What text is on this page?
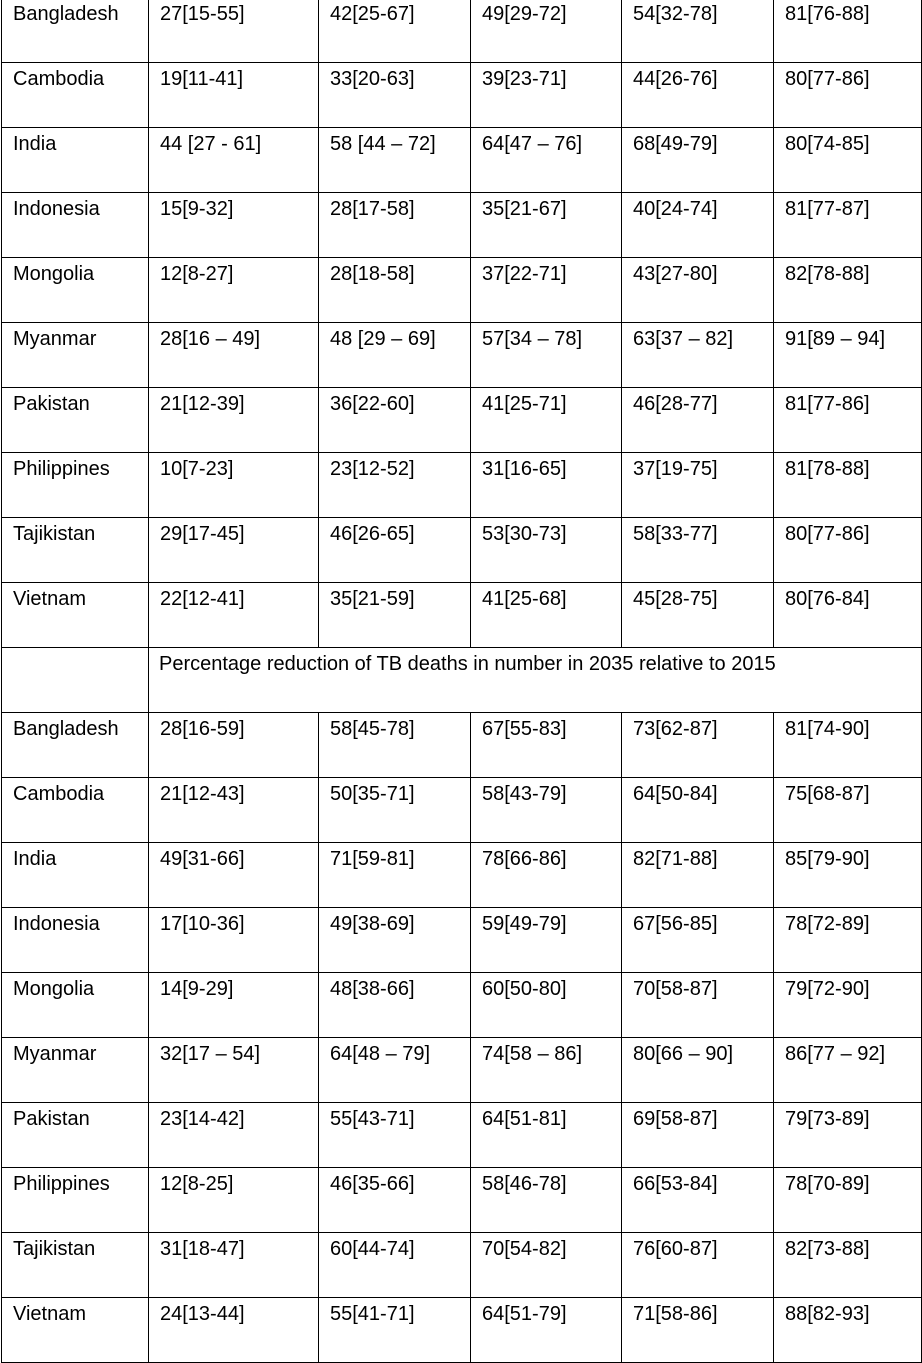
Bangladesh	27[15-55]	42[25-67]	49[29-72]	54[32-78]	81[76-88]
Cambodia	19[11-41]	33[20-63]	39[23-71]	44[26-76]	80[77-86]
India	44 [27 - 61]	58 [44 – 72]	64[47 – 76]	68[49-79]	80[74-85]
Indonesia	15[9-32]	28[17-58]	35[21-67]	40[24-74]	81[77-87]
Mongolia	12[8-27]	28[18-58]	37[22-71]	43[27-80]	82[78-88]
Myanmar	28[16 – 49]	48 [29 – 69]	57[34 – 78]	63[37 – 82]	91[89 – 94]
Pakistan	21[12-39]	36[22-60]	41[25-71]	46[28-77]	81[77-86]
Philippines	10[7-23]	23[12-52]	31[16-65]	37[19-75]	81[78-88]
Tajikistan	29[17-45]	46[26-65]	53[30-73]	58[33-77]	80[77-86]
Vietnam	22[12-41]	35[21-59]	41[25-68]	45[28-75]	80[76-84]
	Percentage reduction of TB deaths in number in 2035 relative to 2015				
Bangladesh	28[16-59]	58[45-78]	67[55-83]	73[62-87]	81[74-90]
Cambodia	21[12-43]	50[35-71]	58[43-79]	64[50-84]	75[68-87]
India	49[31-66]	71[59-81]	78[66-86]	82[71-88]	85[79-90]
Indonesia	17[10-36]	49[38-69]	59[49-79]	67[56-85]	78[72-89]
Mongolia	14[9-29]	48[38-66]	60[50-80]	70[58-87]	79[72-90]
Myanmar	32[17 – 54]	64[48 – 79]	74[58 – 86]	80[66 – 90]	86[77 – 92]
Pakistan	23[14-42]	55[43-71]	64[51-81]	69[58-87]	79[73-89]
Philippines	12[8-25]	46[35-66]	58[46-78]	66[53-84]	78[70-89]
Tajikistan	31[18-47]	60[44-74]	70[54-82]	76[60-87]	82[73-88]
Vietnam	24[13-44]	55[41-71]	64[51-79]	71[58-86]	88[82-93]
